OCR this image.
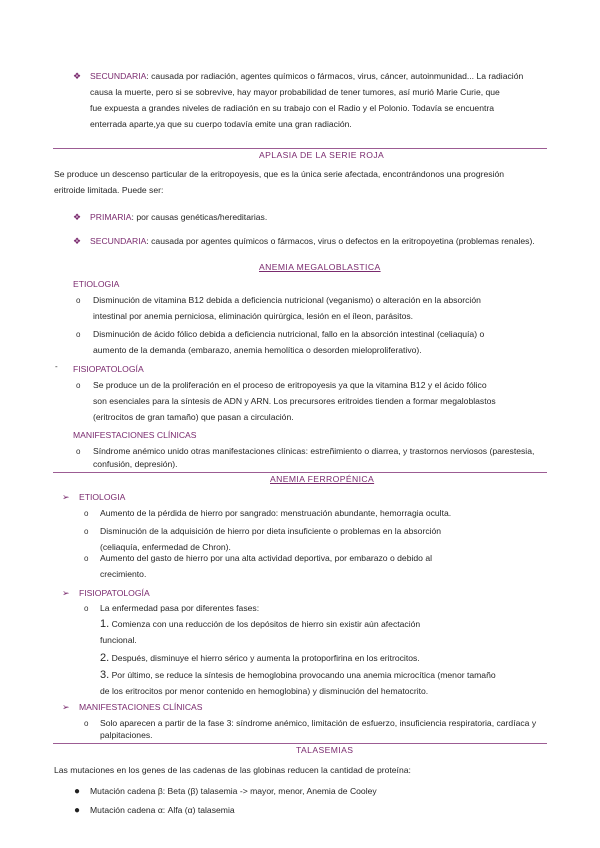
❖ SECUNDARIA: causada por radiación, agentes químicos o fármacos, virus, cáncer, autoinmunidad... La radiación
causa la muerte, pero si se sobrevive, hay mayor probabilidad de tener tumores, así murió Marie Curie, que
fue expuesta a grandes niveles de radiación en su trabajo con el Radio y el Polonio. Todavía se encuentra
enterrada aparte,ya que su cuerpo todavía emite una gran radiación.
APLASIA DE LA SERIE ROJA
Se produce un descenso particular de la eritropoyesis, que es la única serie afectada, encontrándonos una progresión
eritroide limitada. Puede ser:
❖ PRIMARIA: por causas genéticas/hereditarias.
❖ SECUNDARIA: causada por agentes químicos o fármacos, virus o defectos en la eritropoyetina (problemas renales).
ANEMIA MEGALOBLASTICA
ETIOLOGIA
o Disminución de vitamina B12 debida a deficiencia nutricional (veganismo) o alteración en la absorción
intestinal por anemia perniciosa, eliminación quirúrgica, lesión en el íleon, parásitos.
o Disminución de ácido fólico debida a deficiencia nutricional, fallo en la absorción intestinal (celiaquía) o
aumento de la demanda (embarazo, anemia hemolítica o desorden mieloproliferativo).
- FISIOPATOLOGÍA
o Se produce un de la proliferación en el proceso de eritropoyesis ya que la vitamina B12 y el ácido fólico
son esenciales para la síntesis de ADN y ARN. Los precursores eritroides tienden a formar megaloblastos
(eritrocitos de gran tamaño) que pasan a circulación.
MANIFESTACIONES CLÍNICAS
o Síndrome anémico unido otras manifestaciones clínicas: estreñimiento o diarrea, y trastornos nerviosos (parestesia,
confusión, depresión).
ANEMIA FERROPÉNICA
➢ ETIOLOGIA
o Aumento de la pérdida de hierro por sangrado: menstruación abundante, hemorragia oculta.
o Disminución de la adquisición de hierro por dieta insuficiente o problemas en la absorción
(celiaquía, enfermedad de Chron).
o Aumento del gasto de hierro por una alta actividad deportiva, por embarazo o debido al
crecimiento.
➢ FISIOPATOLOGÍA
o La enfermedad pasa por diferentes fases:
1. Comienza con una reducción de los depósitos de hierro sin existir aún afectación
funcional.
2. Después, disminuye el hierro sérico y aumenta la protoporfirina en los eritrocitos.
3. Por último, se reduce la síntesis de hemoglobina provocando una anemia microcítica (menor tamaño
de los eritrocitos por menor contenido en hemoglobina) y disminución del hematocrito.
➢ MANIFESTACIONES CLÍNICAS
o Solo aparecen a partir de la fase 3: síndrome anémico, limitación de esfuerzo, insuficiencia respiratoria, cardíaca y
palpitaciones.
TALASEMIAS
Las mutaciones en los genes de las cadenas de las globinas reducen la cantidad de proteína:
● Mutación cadena β: Beta (β) talasemia -> mayor, menor, Anemia de Cooley
● Mutación cadena α: Alfa (α) talasemia
